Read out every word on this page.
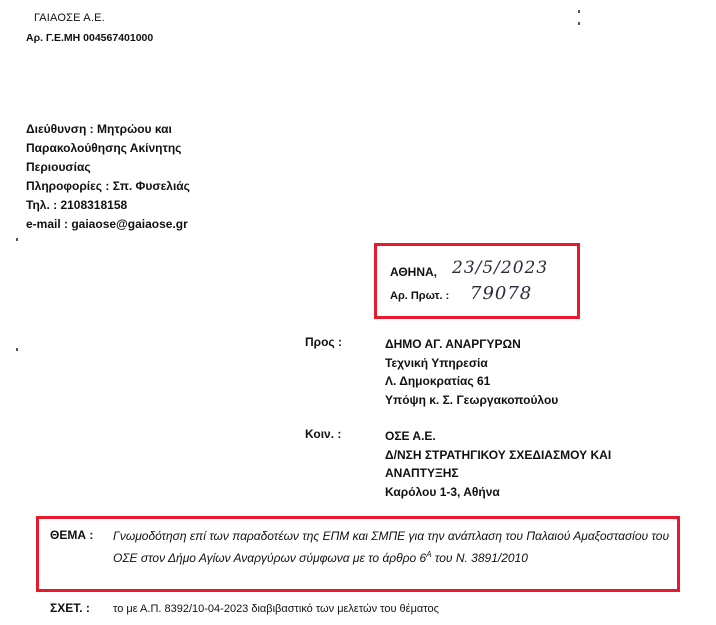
ΓΑΙΑΟΣΕ Α.Ε.
Αρ. Γ.Ε.ΜΗ 004567401000
Διεύθυνση : Μητρώου και
Παρακολούθησης Ακίνητης
Περιουσίας
Πληροφορίες : Σπ. Φυσελιάς
Τηλ. : 2108318158
e-mail : gaiaose@gaiaose.gr
ΑΘΗΝΑ, 23/5/2023
Αρ. Πρωτ. : 79078
Προς :	ΔΗΜΟ ΑΓ. ΑΝΑΡΓΥΡΩΝ
Τεχνική Υπηρεσία
Λ. Δημοκρατίας 61
Υπόψη κ. Σ. Γεωργακοπούλου
Κοιν. :	ΟΣΕ Α.Ε.
Δ/ΝΣΗ ΣΤΡΑΤΗΓΙΚΟΥ ΣΧΕΔΙΑΣΜΟΥ ΚΑΙ
ΑΝΑΠΤΥΞΗΣ
Καρόλου 1-3, Αθήνα
ΘΕΜΑ : Γνωμοδότηση επί των παραδοτέων της ΕΠΜ και ΣΜΠΕ για την ανάπλαση του Παλαιού Αμαξοστασίου του ΟΣΕ στον Δήμο Αγίων Αναργύρων σύμφωνα με το άρθρο $6^A$ του Ν. 3891/2010
ΣΧΕΤ. : το με Α.Π. 8392/10-04-2023 διαβιβαστικό των μελετών του θέματος
